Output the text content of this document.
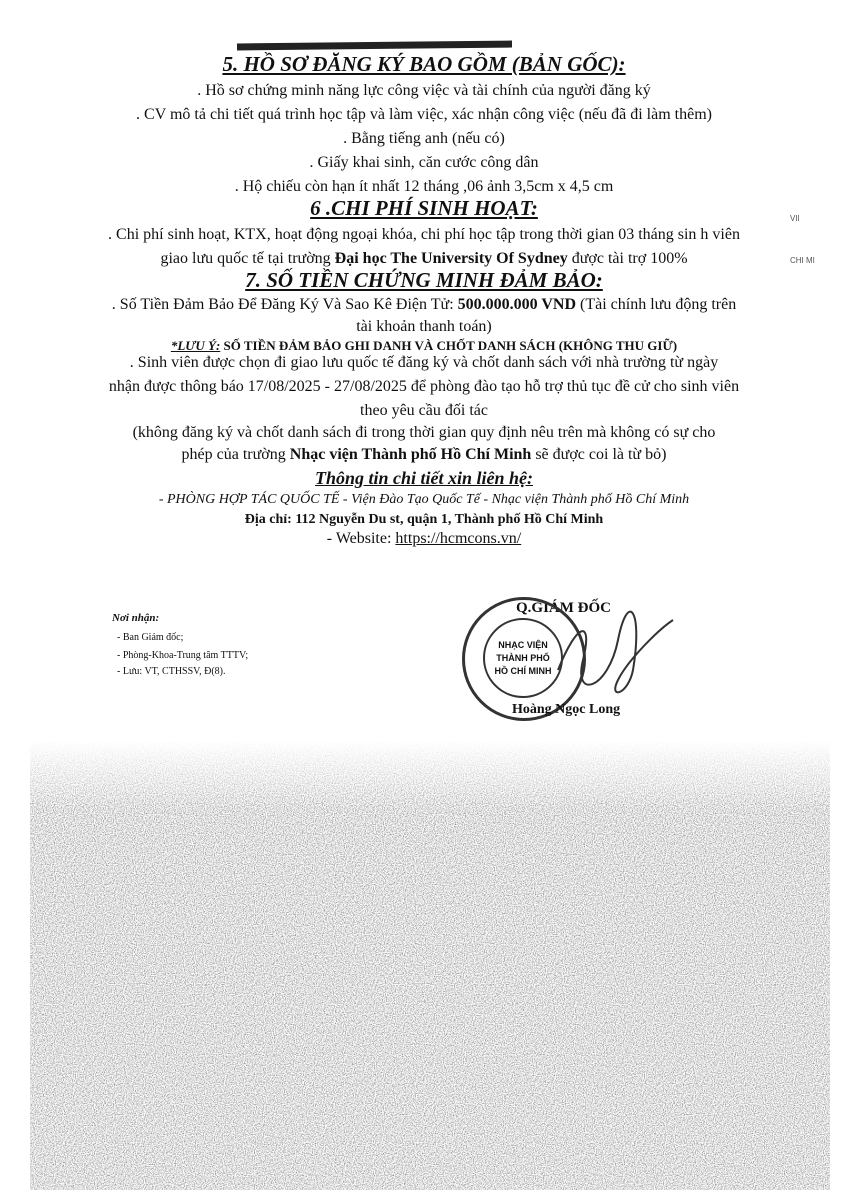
5. HỒ SƠ ĐĂNG KÝ BAO GỒM (BẢN GỐC):
. Hồ sơ chứng minh năng lực công việc và tài chính của người đăng ký
. CV mô tả chi tiết quá trình học tập và làm việc, xác nhận công việc (nếu đã đi làm thêm)
. Bằng tiếng anh (nếu có)
. Giấy khai sinh, căn cước công dân
. Hộ chiếu còn hạn ít nhất 12 tháng ,06 ảnh 3,5cm x 4,5 cm
6 .CHI PHÍ SINH HOẠT:
. Chi phí sinh hoạt, KTX, hoạt động ngoại khóa, chi phí học tập trong thời gian 03 tháng sin h viên
giao lưu quốc tế tại trường Đại học The University Of Sydney được tài trợ 100%
7. SỐ TIỀN CHỨNG MINH ĐẢM BẢO:
. Số Tiền Đảm Bảo Để Đăng Ký Và Sao Kê Điện Tử: 500.000.000 VND (Tài chính lưu động trên
tài khoản thanh toán)
*LƯU Ý: SỐ TIỀN ĐẢM BẢO GHI DANH VÀ CHỐT DANH SÁCH (KHÔNG THU GIỮ)
. Sinh viên được chọn đi giao lưu quốc tế đăng ký và chốt danh sách với nhà trường từ ngày
nhận được thông báo 17/08/2025 - 27/08/2025 để phòng đào tạo hỗ trợ thủ tục đề cử cho sinh viên
theo yêu cầu đối tác
(không đăng ký và chốt danh sách đi trong thời gian quy định nêu trên mà không có sự cho
phép của trường Nhạc viện Thành phố Hồ Chí Minh sẽ được coi là từ bỏ)
Thông tin chi tiết xin liên hệ:
- PHÒNG HỢP TÁC QUỐC TẾ - Viện Đào Tạo Quốc Tế - Nhạc viện Thành phố Hồ Chí Minh
Địa chỉ: 112 Nguyễn Du st, quận 1, Thành phố Hồ Chí Minh
- Website: https://hcmcons.vn/
Nơi nhận:
- Ban Giám đốc;
- Phòng-Khoa-Trung tâm TTTV;
- Lưu: VT, CTHSSV, Đ(8).
Q.GIÁM ĐỐC
NHẠC VIỆN
THÀNH PHỐ
HỒ CHÍ MINH
Hoàng Ngọc Long
VII
CHI MI
